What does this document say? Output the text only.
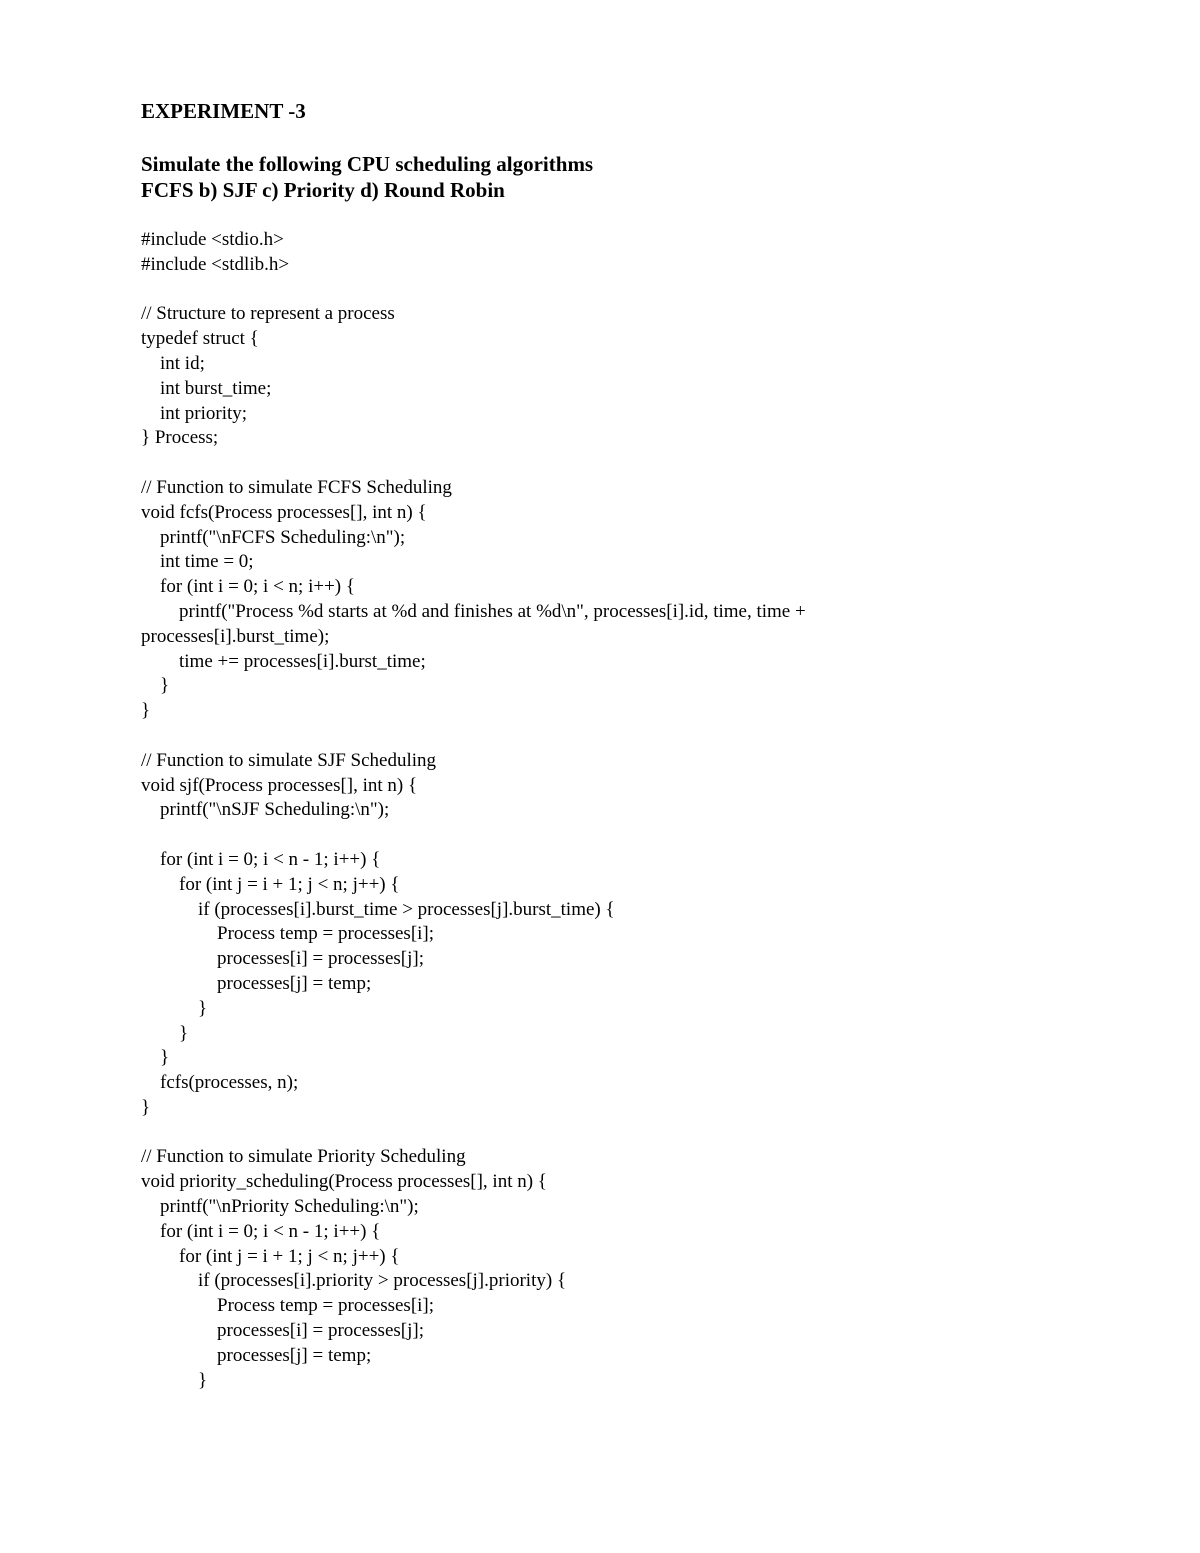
EXPERIMENT -3
Simulate the following CPU scheduling algorithms
FCFS b) SJF c) Priority d) Round Robin
#include <stdio.h>
#include <stdlib.h>
// Structure to represent a process
typedef struct {
int id;
int burst_time;
int priority;
} Process;
// Function to simulate FCFS Scheduling
void fcfs(Process processes[], int n) {
printf("\nFCFS Scheduling:\n");
int time = 0;
for (int i = 0; i < n; i++) {
printf("Process %d starts at %d and finishes at %d\n", processes[i].id, time, time +
processes[i].burst_time);
time += processes[i].burst_time;
}
}
// Function to simulate SJF Scheduling
void sjf(Process processes[], int n) {
printf("\nSJF Scheduling:\n");
for (int i = 0; i < n - 1; i++) {
for (int j = i + 1; j < n; j++) {
if (processes[i].burst_time > processes[j].burst_time) {
Process temp = processes[i];
processes[i] = processes[j];
processes[j] = temp;
}
}
}
fcfs(processes, n);
}
// Function to simulate Priority Scheduling
void priority_scheduling(Process processes[], int n) {
printf("\nPriority Scheduling:\n");
for (int i = 0; i < n - 1; i++) {
for (int j = i + 1; j < n; j++) {
if (processes[i].priority > processes[j].priority) {
Process temp = processes[i];
processes[i] = processes[j];
processes[j] = temp;
}
